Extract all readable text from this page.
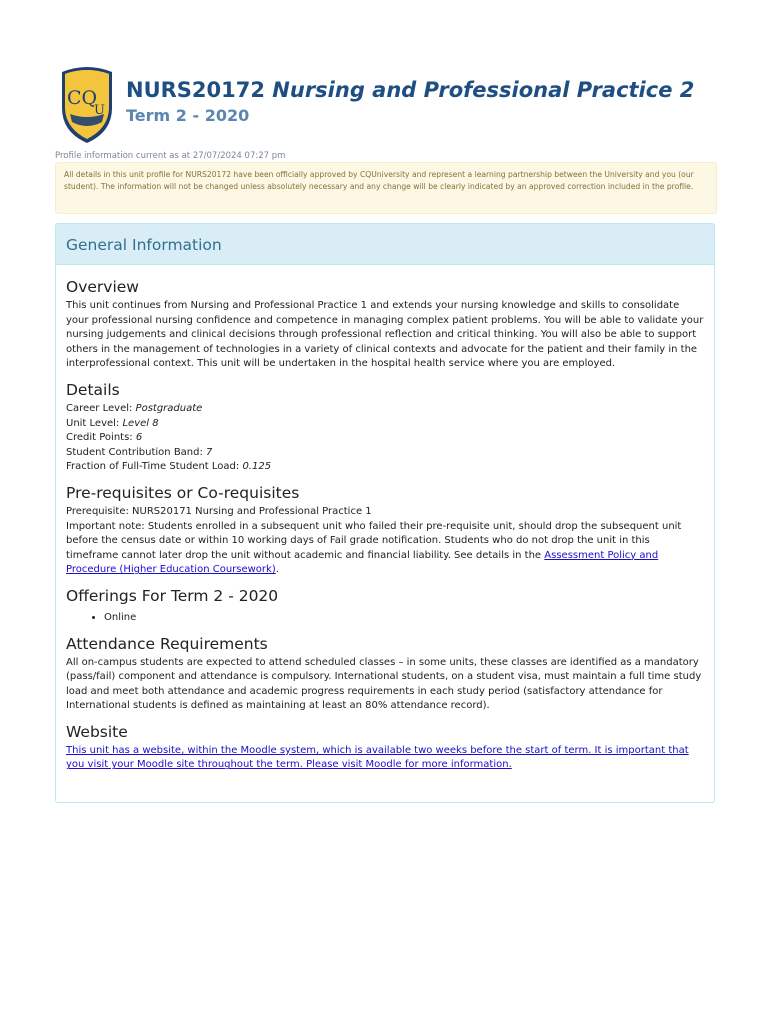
CQ
U
NURS20172 Nursing and Professional Practice 2
Term 2 - 2020
Profile information current as at 27/07/2024 07:27 pm
All details in this unit profile for NURS20172 have been officially approved by CQUniversity and represent a learning partnership between the University and you (our student). The information will not be changed unless absolutely necessary and any change will be clearly indicated by an approved correction included in the profile.
General Information
Overview

This unit continues from Nursing and Professional Practice 1 and extends your nursing knowledge and skills to consolidate your professional nursing confidence and competence in managing complex patient problems. You will be able to validate your nursing judgements and clinical decisions through professional reflection and critical thinking. You will also be able to support others in the management of technologies in a variety of clinical contexts and advocate for the patient and their family in the interprofessional context. This unit will be undertaken in the hospital health service where you are employed.

Details
Career Level: Postgraduate
Unit Level: Level 8
Credit Points: 6
Student Contribution Band: 7
Fraction of Full-Time Student Load: 0.125
Pre-requisites or Co-requisites

Prerequisite: NURS20171 Nursing and Professional Practice 1

Important note: Students enrolled in a subsequent unit who failed their pre-requisite unit, should drop the subsequent unit before the census date or within 10 working days of Fail grade notification. Students who do not drop the unit in this timeframe cannot later drop the unit without academic and financial liability. See details in the Assessment Policy and Procedure (Higher Education Coursework).

Offerings For Term 2 - 2020
• Online
Attendance Requirements

All on-campus students are expected to attend scheduled classes – in some units, these classes are identified as a mandatory (pass/fail) component and attendance is compulsory. International students, on a student visa, must maintain a full time study load and meet both attendance and academic progress requirements in each study period (satisfactory attendance for International students is defined as maintaining at least an 80% attendance record).

Website

This unit has a website, within the Moodle system, which is available two weeks before the start of term. It is important that you visit your Moodle site throughout the term. Please visit Moodle for more information.
